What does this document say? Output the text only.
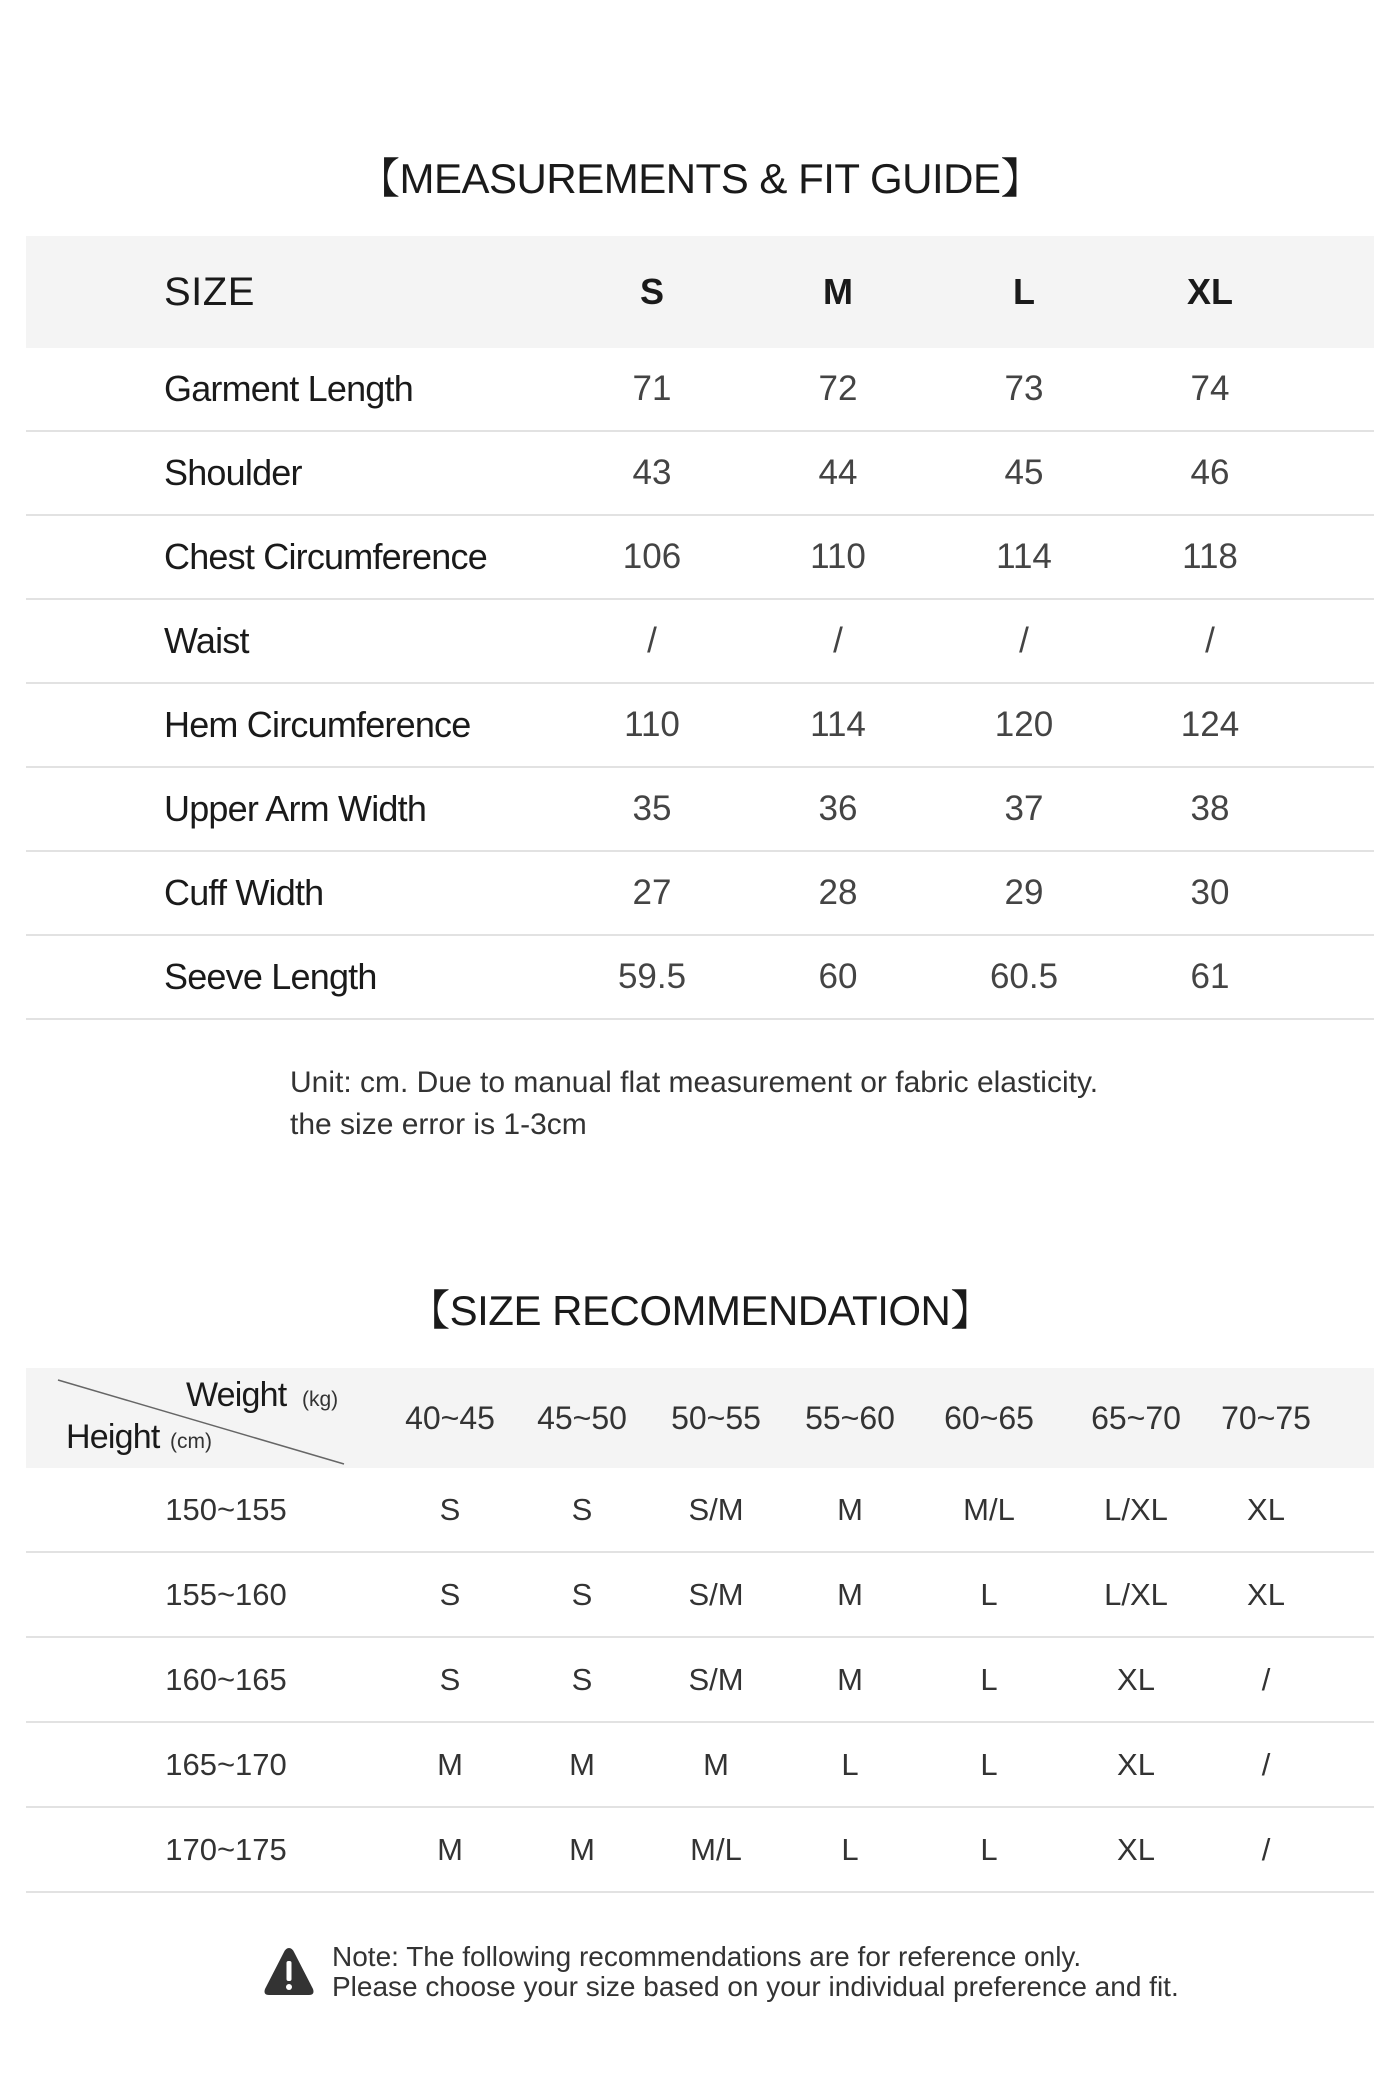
【MEASUREMENTS & FIT GUIDE】
SIZE	S	M	L	XL
Garment Length	71	72	73	74
Shoulder	43	44	45	46
Chest Circumference	106	110	114	118
Waist	/	/	/	/
Hem Circumference	110	114	120	124
Upper Arm Width	35	36	37	38
Cuff Width	27	28	29	30
Seeve Length	59.5	60	60.5	61
Unit: cm. Due to manual flat measurement or fabric elasticity.
the size error is 1-3cm
【SIZE RECOMMENDATION】
Weight (kg)
Height (cm)
40~45	45~50	50~55	55~60	60~65	65~70	70~75
150~155	S	S	S/M	M	M/L	L/XL	XL
155~160	S	S	S/M	M	L	L/XL	XL
160~165	S	S	S/M	M	L	XL	/
165~170	M	M	M	L	L	XL	/
170~175	M	M	M/L	L	L	XL	/
Note: The following recommendations are for reference only.
Please choose your size based on your individual preference and fit.
